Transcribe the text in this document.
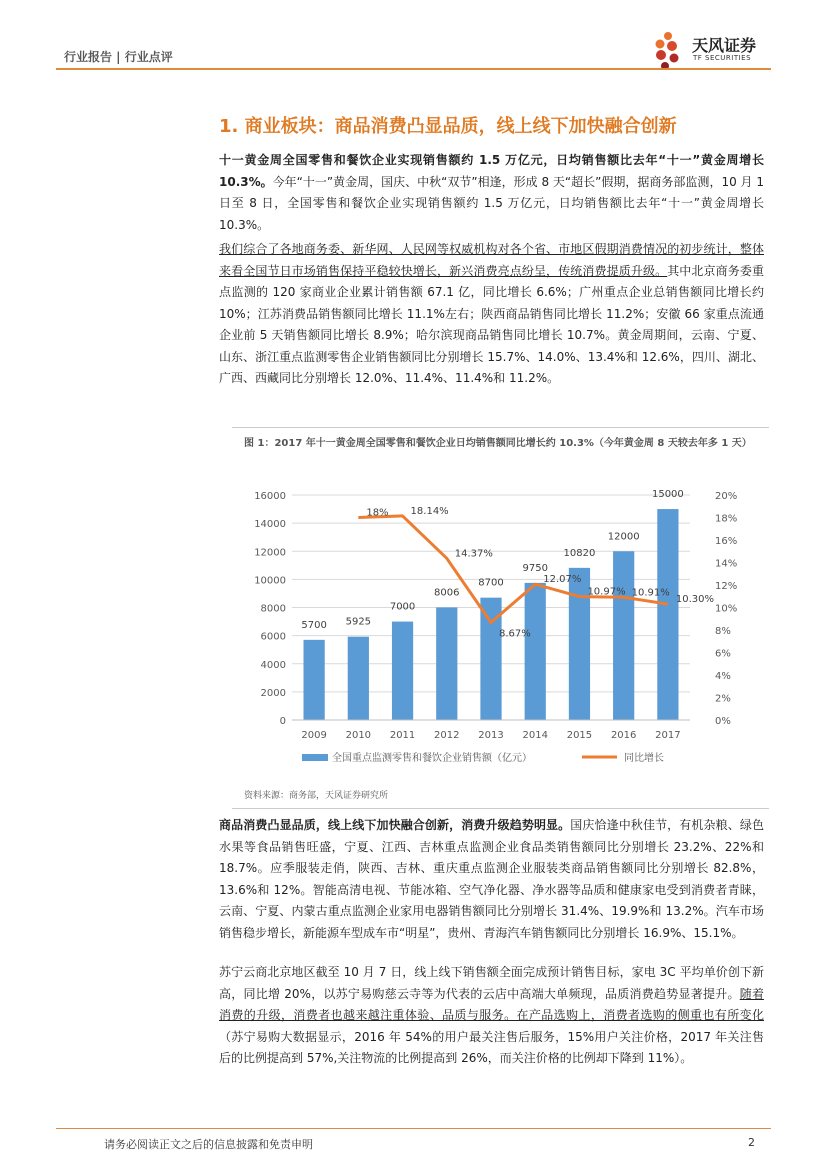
行业报告 | 行业点评
天风证券
TF SECURITIES
1. 商业板块：商品消费凸显品质，线上线下加快融合创新
十一黄金周全国零售和餐饮企业实现销售额约 1.5 万亿元，日均销售额比去年“十一”黄金周增长 10.3%。今年“十一”黄金周，国庆、中秋“双节”相逢，形成 8 天“超长”假期，据商务部监测，10 月 1 日至 8 日，全国零售和餐饮企业实现销售额约 1.5 万亿元，日均销售额比去年“十一”黄金周增长 10.3%。
我们综合了各地商务委、新华网、人民网等权威机构对各个省、市地区假期消费情况的初步统计，整体来看全国节日市场销售保持平稳较快增长，新兴消费亮点纷呈，传统消费提质升级。其中北京商务委重点监测的 120 家商业企业累计销售额 67.1 亿，同比增长 6.6%；广州重点企业总销售额同比增长约 10%；江苏消费品销售额同比增长 11.1%左右；陕西商品销售同比增长 11.2%；安徽 66 家重点流通企业前 5 天销售额同比增长 8.9%；哈尔滨现商品销售同比增长 10.7%。黄金周期间，云南、宁夏、山东、浙江重点监测零售企业销售额同比分别增长 15.7%、14.0%、13.4%和 12.6%，四川、湖北、广西、西藏同比分别增长 12.0%、11.4%、11.4%和 11.2%。
图 1：2017 年十一黄金周全国零售和餐饮企业日均销售额同比增长约 10.3%（今年黄金周 8 天较去年多 1 天）
0
2000
4000
6000
8000
10000
12000
14000
16000
0%
2%
4%
6%
8%
10%
12%
14%
16%
18%
20%
2009
5700
2010
5925
2011
7000
2012
8006
2013
8700
2014
9750
2015
10820
2016
12000
2017
15000
18% 18.14%
14.37%
8.67%
12.07%
10.97% 10.91%
10.30%
全国重点监测零售和餐饮企业销售额（亿元）	同比增长
资料来源：商务部，天风证券研究所
商品消费凸显品质，线上线下加快融合创新，消费升级趋势明显。国庆恰逢中秋佳节，有机杂粮、绿色水果等食品销售旺盛，宁夏、江西、吉林重点监测企业食品类销售额同比分别增长 23.2%、22%和 18.7%。应季服装走俏，陕西、吉林、重庆重点监测企业服装类商品销售额同比分别增长 82.8%，13.6%和 12%。智能高清电视、节能冰箱、空气净化器、净水器等品质和健康家电受到消费者青睐，云南、宁夏、内蒙古重点监测企业家用电器销售额同比分别增长 31.4%、19.9%和 13.2%。汽车市场销售稳步增长，新能源车型成车市“明星”，贵州、青海汽车销售额同比分别增长 16.9%、15.1%。
苏宁云商北京地区截至 10 月 7 日，线上线下销售额全面完成预计销售目标，家电 3C 平均单价创下新高，同比增 20%，以苏宁易购慈云寺等为代表的云店中高端大单频现，品质消费趋势显著提升。随着消费的升级，消费者也越来越注重体验、品质与服务。在产品选购上，消费者选购的侧重也有所变化（苏宁易购大数据显示，2016 年 54%的用户最关注售后服务，15%用户关注价格，2017 年关注售后的比例提高到 57%,关注物流的比例提高到 26%，而关注价格的比例却下降到 11%）。
请务必阅读正文之后的信息披露和免责申明	2
